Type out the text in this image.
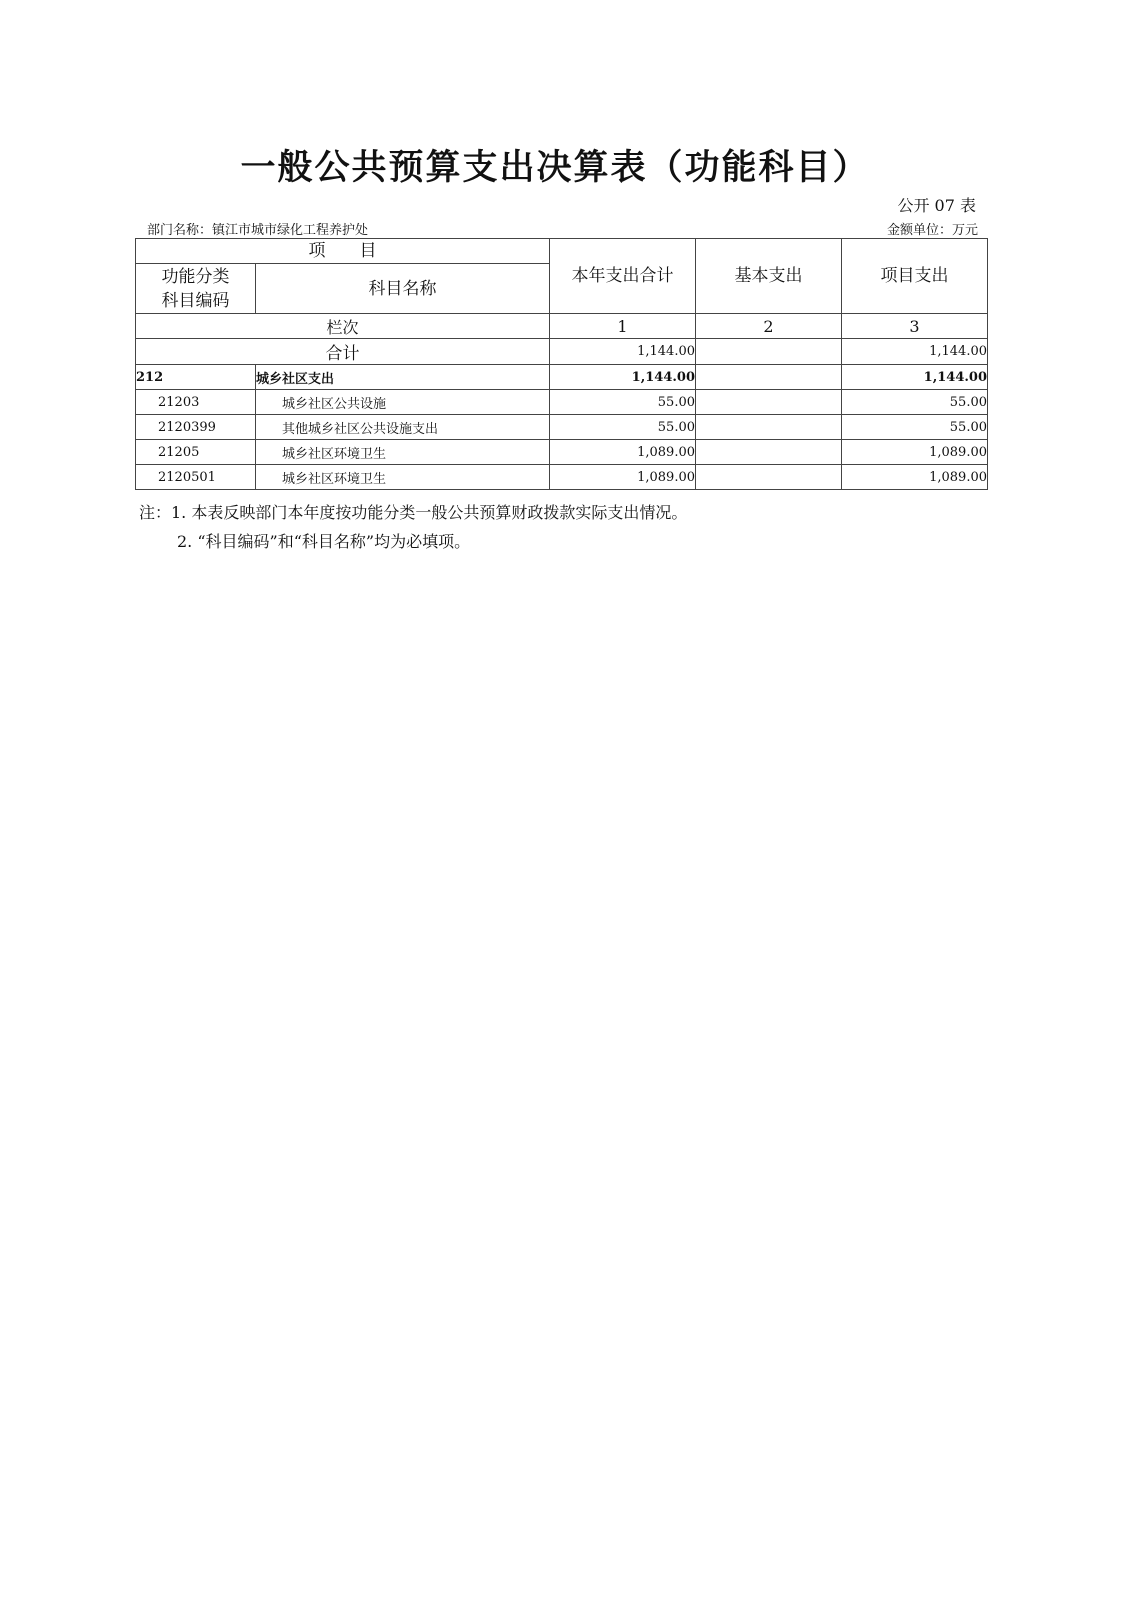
一般公共预算支出决算表（功能科目）
公开 07 表
部门名称：镇江市城市绿化工程养护处	金额单位：万元
项　　目		本年支出合计	基本支出	项目支出
功能分类
科目编码	科目名称			
栏次		1	2	3
合计		1,144.00		1,144.00
212	城乡社区支出	1,144.00		1,144.00
21203	城乡社区公共设施	55.00		55.00
2120399	其他城乡社区公共设施支出	55.00		55.00
21205	城乡社区环境卫生	1,089.00		1,089.00
2120501	城乡社区环境卫生	1,089.00		1,089.00
注：1. 本表反映部门本年度按功能分类一般公共预算财政拨款实际支出情况。
2. “科目编码”和“科目名称”均为必填项。
